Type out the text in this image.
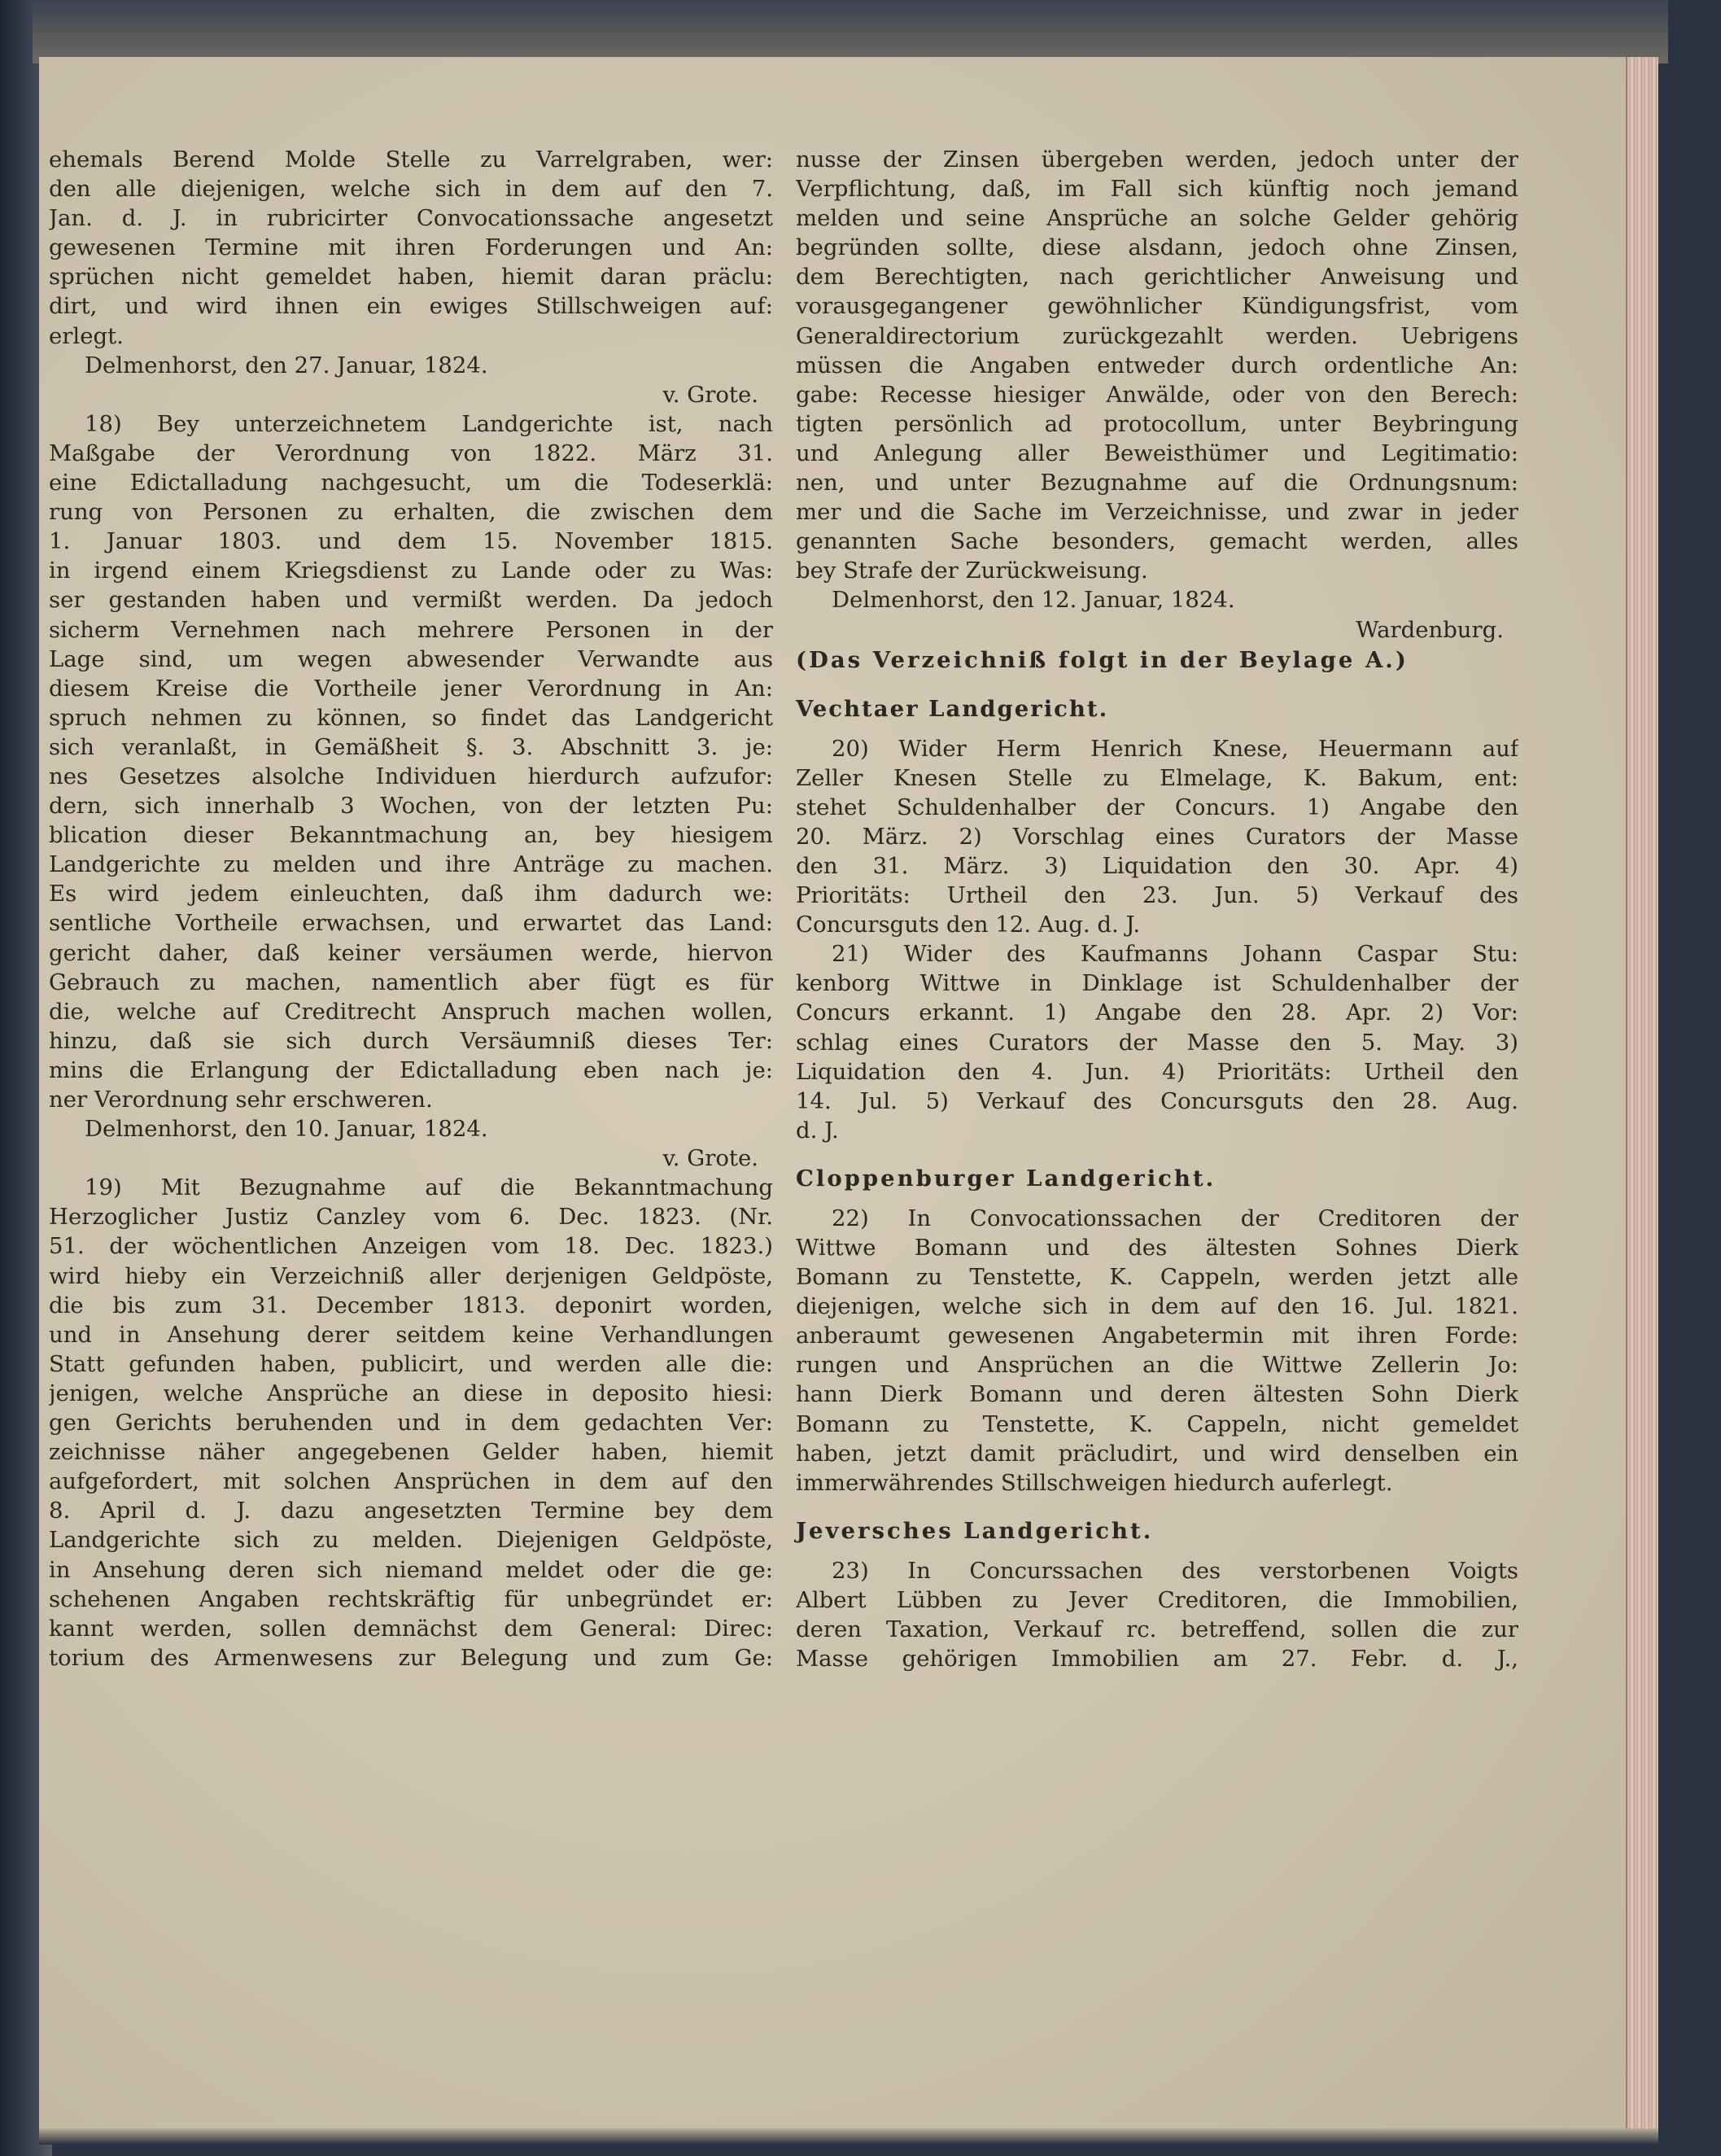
ehemals Berend Molde Stelle zu Varrelgraben, wer:
den alle diejenigen, welche sich in dem auf den 7.
Jan. d. J. in rubricirter Convocationssache angesetzt
gewesenen Termine mit ihren Forderungen und An:
sprüchen nicht gemeldet haben, hiemit daran präclu:
dirt, und wird ihnen ein ewiges Stillschweigen auf:
erlegt.
Delmenhorst, den 27. Januar, 1824.
v. Grote.
18) Bey unterzeichnetem Landgerichte ist, nach
Maßgabe der Verordnung von 1822. März 31.
eine Edictalladung nachgesucht, um die Todeserklä:
rung von Personen zu erhalten, die zwischen dem
1. Januar 1803. und dem 15. November 1815.
in irgend einem Kriegsdienst zu Lande oder zu Was:
ser gestanden haben und vermißt werden. Da jedoch
sicherm Vernehmen nach mehrere Personen in der
Lage sind, um wegen abwesender Verwandte aus
diesem Kreise die Vortheile jener Verordnung in An:
spruch nehmen zu können, so findet das Landgericht
sich veranlaßt, in Gemäßheit §. 3. Abschnitt 3. je:
nes Gesetzes alsolche Individuen hierdurch aufzufor:
dern, sich innerhalb 3 Wochen, von der letzten Pu:
blication dieser Bekanntmachung an, bey hiesigem
Landgerichte zu melden und ihre Anträge zu machen.
Es wird jedem einleuchten, daß ihm dadurch we:
sentliche Vortheile erwachsen, und erwartet das Land:
gericht daher, daß keiner versäumen werde, hiervon
Gebrauch zu machen, namentlich aber fügt es für
die, welche auf Creditrecht Anspruch machen wollen,
hinzu, daß sie sich durch Versäumniß dieses Ter:
mins die Erlangung der Edictalladung eben nach je:
ner Verordnung sehr erschweren.
Delmenhorst, den 10. Januar, 1824.
v. Grote.
19) Mit Bezugnahme auf die Bekanntmachung
Herzoglicher Justiz Canzley vom 6. Dec. 1823. (Nr.
51. der wöchentlichen Anzeigen vom 18. Dec. 1823.)
wird hieby ein Verzeichniß aller derjenigen Geldpöste,
die bis zum 31. December 1813. deponirt worden,
und in Ansehung derer seitdem keine Verhandlungen
Statt gefunden haben, publicirt, und werden alle die:
jenigen, welche Ansprüche an diese in deposito hiesi:
gen Gerichts beruhenden und in dem gedachten Ver:
zeichnisse näher angegebenen Gelder haben, hiemit
aufgefordert, mit solchen Ansprüchen in dem auf den
8. April d. J. dazu angesetzten Termine bey dem
Landgerichte sich zu melden. Diejenigen Geldpöste,
in Ansehung deren sich niemand meldet oder die ge:
schehenen Angaben rechtskräftig für unbegründet er:
kannt werden, sollen demnächst dem General: Direc:
torium des Armenwesens zur Belegung und zum Ge:
nusse der Zinsen übergeben werden, jedoch unter der
Verpflichtung, daß, im Fall sich künftig noch jemand
melden und seine Ansprüche an solche Gelder gehörig
begründen sollte, diese alsdann, jedoch ohne Zinsen,
dem Berechtigten, nach gerichtlicher Anweisung und
vorausgegangener gewöhnlicher Kündigungsfrist, vom
Generaldirectorium zurückgezahlt werden. Uebrigens
müssen die Angaben entweder durch ordentliche An:
gabe: Recesse hiesiger Anwälde, oder von den Berech:
tigten persönlich ad protocollum, unter Beybringung
und Anlegung aller Beweisthümer und Legitimatio:
nen, und unter Bezugnahme auf die Ordnungsnum:
mer und die Sache im Verzeichnisse, und zwar in jeder
genannten Sache besonders, gemacht werden, alles
bey Strafe der Zurückweisung.
Delmenhorst, den 12. Januar, 1824.
Wardenburg.
(Das Verzeichniß folgt in der Beylage A.)
Vechtaer Landgericht.
20) Wider Herm Henrich Knese, Heuermann auf
Zeller Knesen Stelle zu Elmelage, K. Bakum, ent:
stehet Schuldenhalber der Concurs. 1) Angabe den
20. März. 2) Vorschlag eines Curators der Masse
den 31. März. 3) Liquidation den 30. Apr. 4)
Prioritäts: Urtheil den 23. Jun. 5) Verkauf des
Concursguts den 12. Aug. d. J.
21) Wider des Kaufmanns Johann Caspar Stu:
kenborg Wittwe in Dinklage ist Schuldenhalber der
Concurs erkannt. 1) Angabe den 28. Apr. 2) Vor:
schlag eines Curators der Masse den 5. May. 3)
Liquidation den 4. Jun. 4) Prioritäts: Urtheil den
14. Jul. 5) Verkauf des Concursguts den 28. Aug.
d. J.
Cloppenburger Landgericht.
22) In Convocationssachen der Creditoren der
Wittwe Bomann und des ältesten Sohnes Dierk
Bomann zu Tenstette, K. Cappeln, werden jetzt alle
diejenigen, welche sich in dem auf den 16. Jul. 1821.
anberaumt gewesenen Angabetermin mit ihren Forde:
rungen und Ansprüchen an die Wittwe Zellerin Jo:
hann Dierk Bomann und deren ältesten Sohn Dierk
Bomann zu Tenstette, K. Cappeln, nicht gemeldet
haben, jetzt damit präcludirt, und wird denselben ein
immerwährendes Stillschweigen hiedurch auferlegt.
Jeversches Landgericht.
23) In Concurssachen des verstorbenen Voigts
Albert Lübben zu Jever Creditoren, die Immobilien,
deren Taxation, Verkauf rc. betreffend, sollen die zur
Masse gehörigen Immobilien am 27. Febr. d. J.,
